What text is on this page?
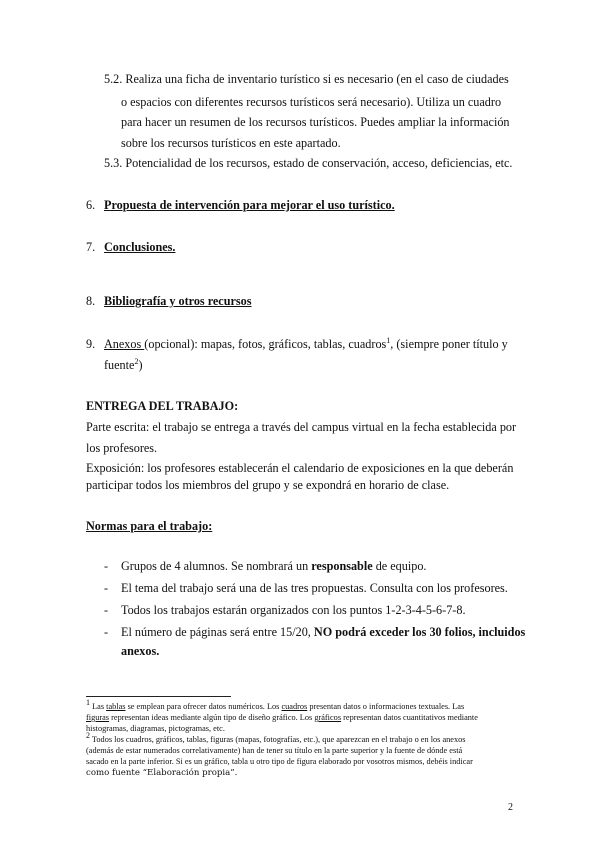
5.2. Realiza una ficha de inventario turístico si es necesario (en el caso de ciudades
o espacios con diferentes recursos turísticos será necesario). Utiliza un cuadro
para hacer un resumen de los recursos turísticos. Puedes ampliar la información
sobre los recursos turísticos en este apartado.
5.3. Potencialidad de los recursos, estado de conservación, acceso, deficiencias, etc.
6. Propuesta de intervención para mejorar el uso turístico.
7. Conclusiones.
8. Bibliografía y otros recursos
9. Anexos (opcional): mapas, fotos, gráficos, tablas, cuadros$^1$, (siempre poner título y
fuente$^2$)
ENTREGA DEL TRABAJO:
Parte escrita: el trabajo se entrega a través del campus virtual en la fecha establecida por
los profesores.
Exposición: los profesores establecerán el calendario de exposiciones en la que deberán
participar todos los miembros del grupo y se expondrá en horario de clase.
Normas para el trabajo:
- Grupos de 4 alumnos. Se nombrará un responsable de equipo.
- El tema del trabajo será una de las tres propuestas. Consulta con los profesores.
- Todos los trabajos estarán organizados con los puntos 1-2-3-4-5-6-7-8.
- El número de páginas será entre 15/20, NO podrá exceder los 30 folios, incluidos
anexos.
1 Las tablas se emplean para ofrecer datos numéricos. Los cuadros presentan datos o informaciones textuales. Las
figuras representan ideas mediante algún tipo de diseño gráfico. Los gráficos representan datos cuantitativos mediante
histogramas, diagramas, pictogramas, etc.
2 Todos los cuadros, gráficos, tablas, figuras (mapas, fotografías, etc.), que aparezcan en el trabajo o en los anexos
(además de estar numerados correlativamente) han de tener su título en la parte superior y la fuente de dónde está
sacado en la parte inferior. Si es un gráfico, tabla u otro tipo de figura elaborado por vosotros mismos, debéis indicar
como fuente “Elaboración propia”.
2
